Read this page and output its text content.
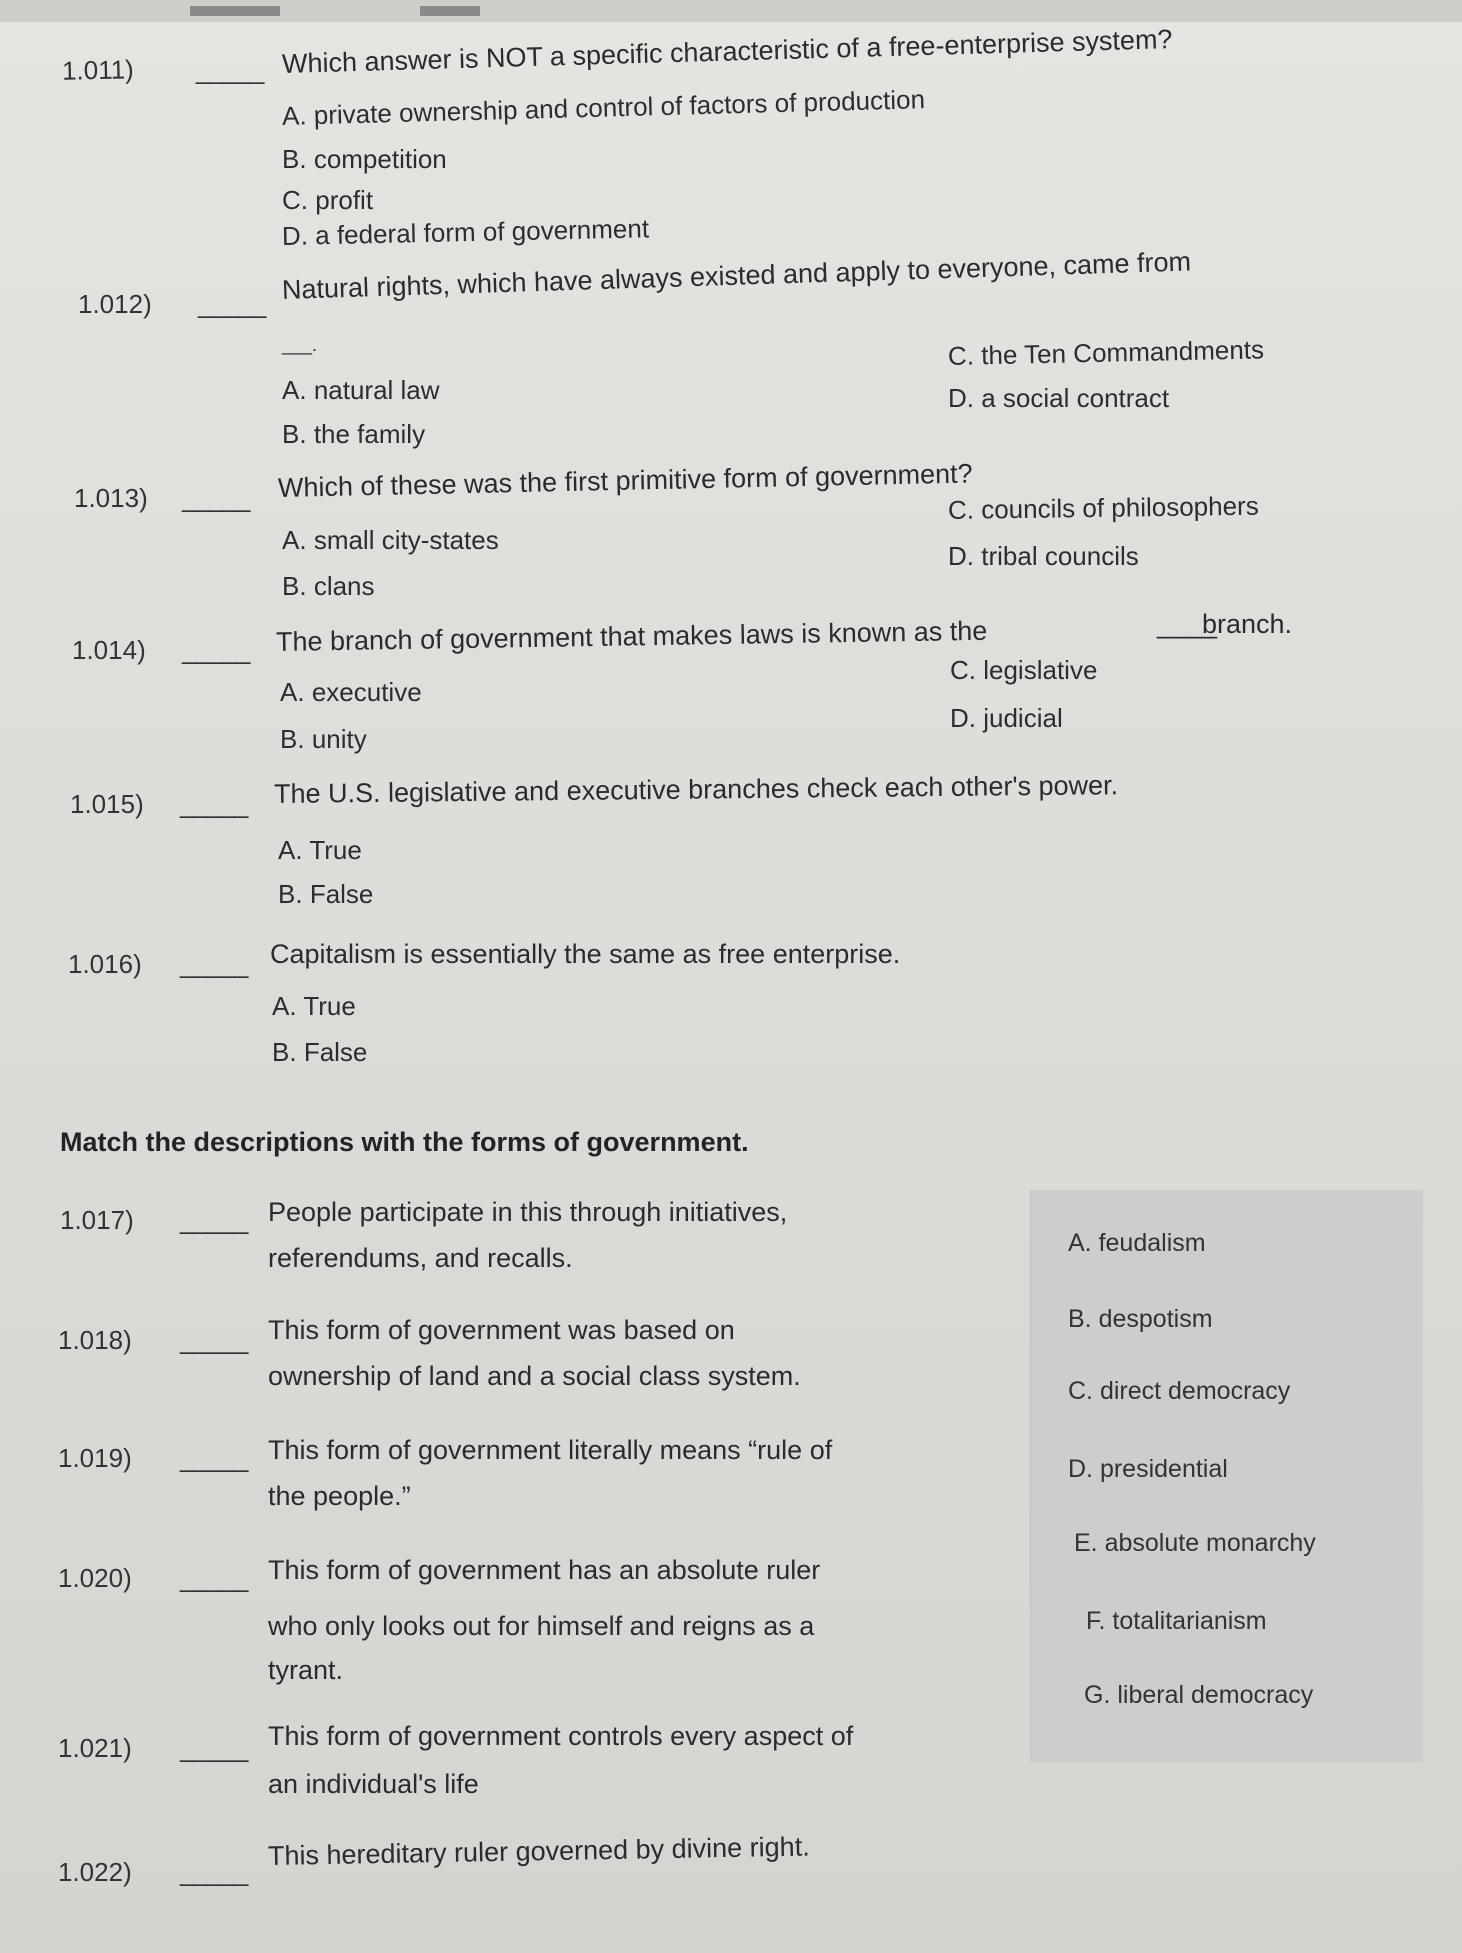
1.011) _____ Which answer is NOT a specific characteristic of a free-enterprise system?
A. private ownership and control of factors of production
B. competition
C. profit
D. a federal form of government
1.012) _____ Natural rights, which have always existed and apply to everyone, came from
___.
A. natural law
B. the family
C. the Ten Commandments
D. a social contract
1.013) _____ Which of these was the first primitive form of government?
A. small city-states
B. clans
C. councils of philosophers
D. tribal councils
1.014) _____ The branch of government that makes laws is known as the	____
branch.
A. executive
B. unity
C. legislative
D. judicial
1.015) _____ The U.S. legislative and executive branches check each other's power.
A. True
B. False
1.016) _____ Capitalism is essentially the same as free enterprise.
A. True
B. False
Match the descriptions with the forms of government.
1.017) _____ People participate in this through initiatives,
referendums, and recalls.
1.018) _____ This form of government was based on
ownership of land and a social class system.
1.019) _____ This form of government literally means “rule of
the people.”
1.020) _____ This form of government has an absolute ruler
who only looks out for himself and reigns as a
tyrant.
1.021) _____ This form of government controls every aspect of
an individual's life
1.022) _____
This hereditary ruler governed by divine right.
A. feudalism
B. despotism
C. direct democracy
D. presidential
E. absolute monarchy
F. totalitarianism
G. liberal democracy
